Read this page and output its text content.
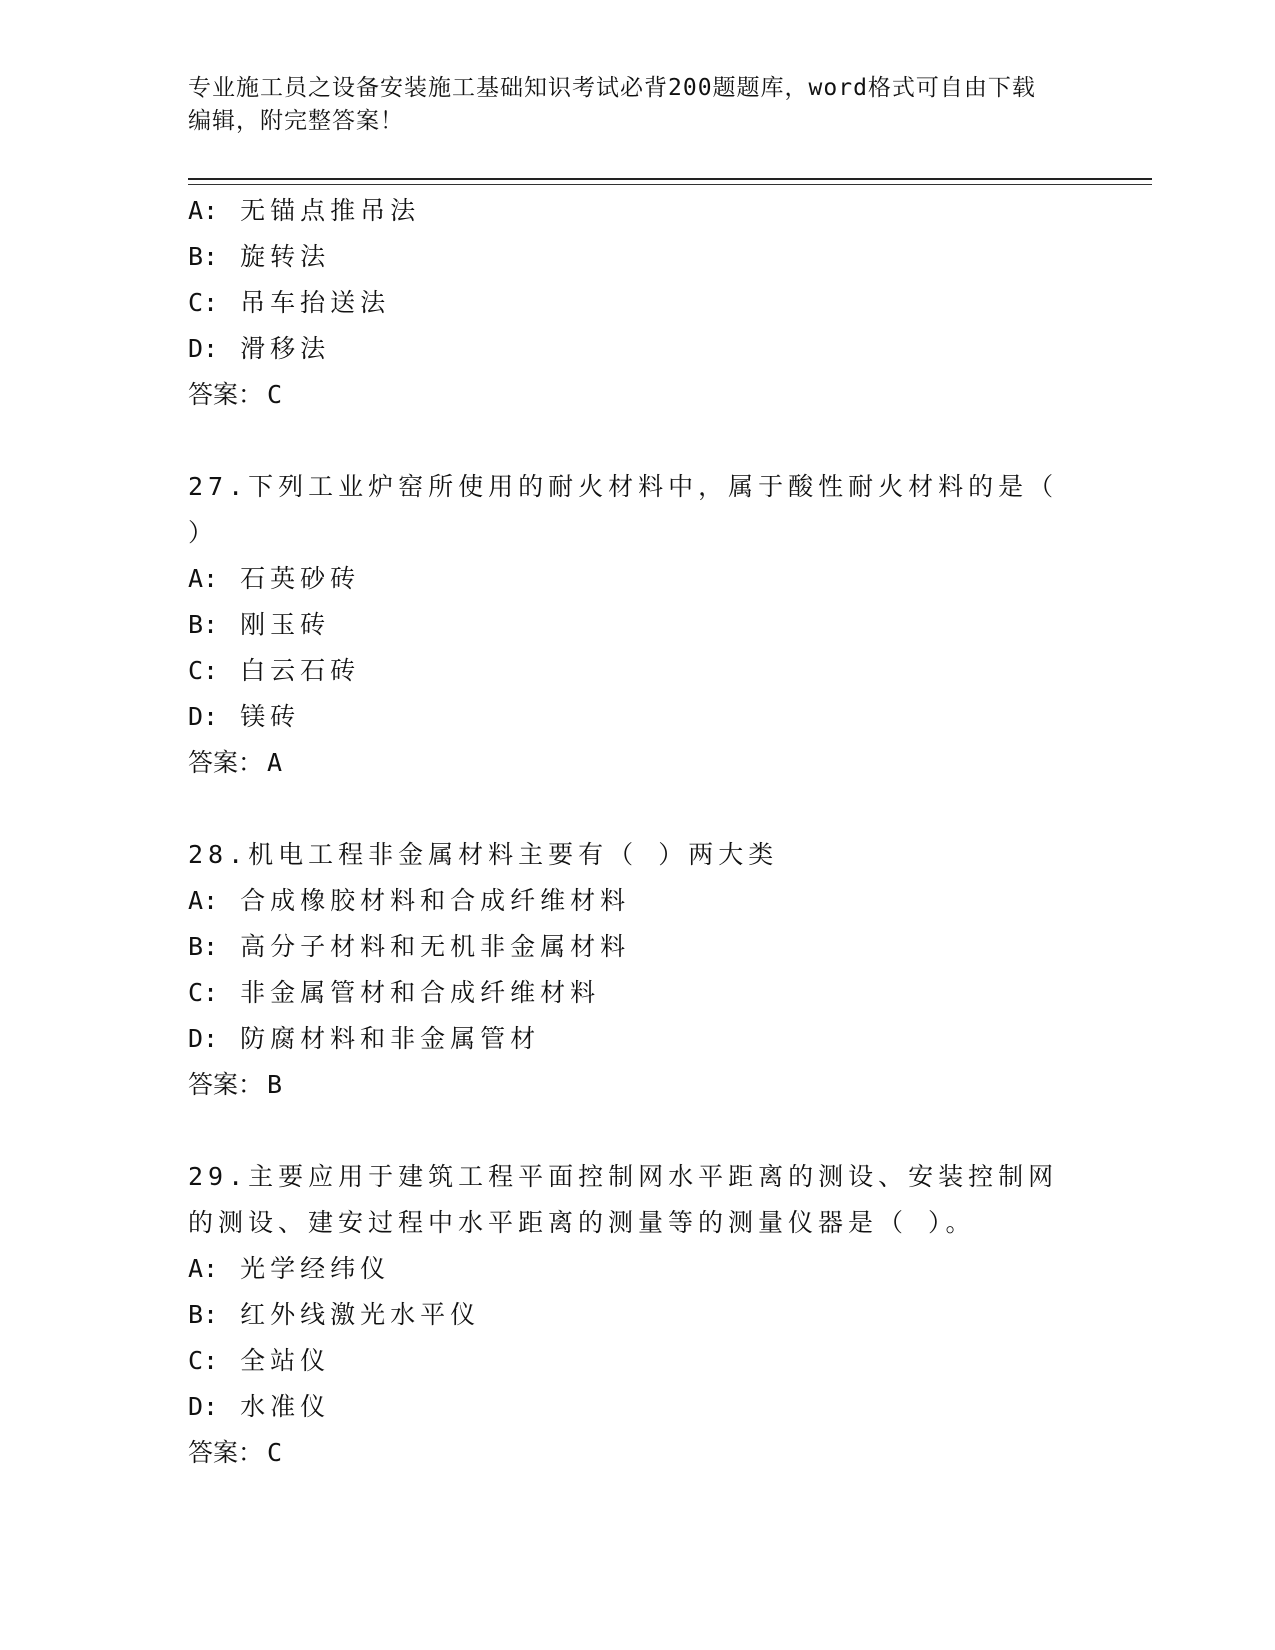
专业施工员之设备安装施工基础知识考试必背200题题库，word格式可自由下载
编辑，附完整答案！
A: 无锚点推吊法
B: 旋转法
C: 吊车抬送法
D: 滑移法
答案： C
27.下列工业炉窑所使用的耐火材料中，属于酸性耐火材料的是（ ）
A: 石英砂砖
B: 刚玉砖
C: 白云石砖
D: 镁砖
答案： A
28.机电工程非金属材料主要有（ ）两大类
A: 合成橡胶材料和合成纤维材料
B: 高分子材料和无机非金属材料
C: 非金属管材和合成纤维材料
D: 防腐材料和非金属管材
答案： B
29.主要应用于建筑工程平面控制网水平距离的测设、安装控制网的测设、建安过程中水平距离的测量等的测量仪器是（ ）。
A: 光学经纬仪
B: 红外线激光水平仪
C: 全站仪
D: 水准仪
答案： C
